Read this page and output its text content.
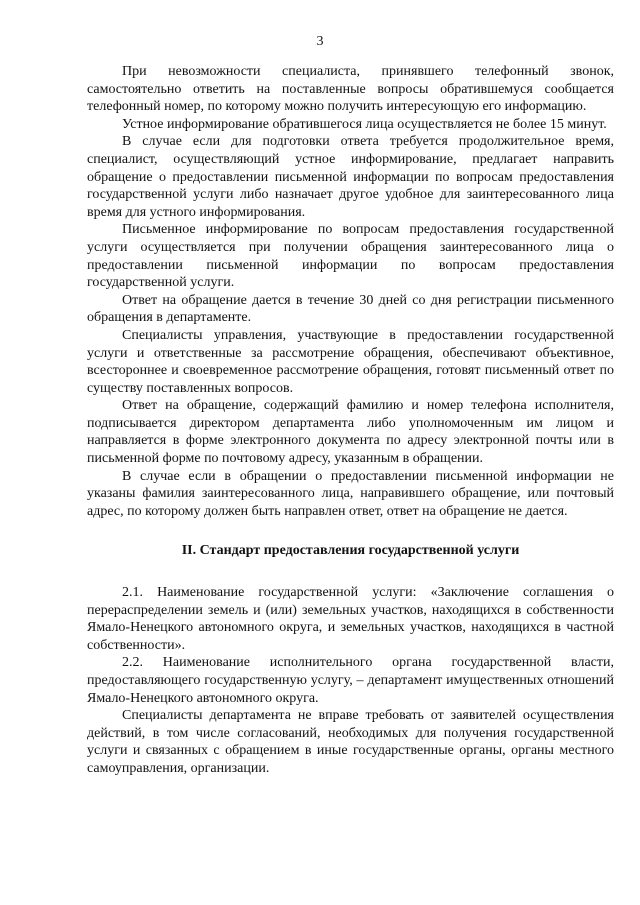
3

При невозможности специалиста, принявшего телефонный звонок, самостоятельно ответить на поставленные вопросы обратившемуся сообщается телефонный номер, по которому можно получить интересующую его информацию.

Устное информирование обратившегося лица осуществляется не более 15 минут.

В случае если для подготовки ответа требуется продолжительное время, специалист, осуществляющий устное информирование, предлагает направить обращение о предоставлении письменной информации по вопросам предоставления государственной услуги либо назначает другое удобное для заинтересованного лица время для устного информирования.

Письменное информирование по вопросам предоставления государственной услуги осуществляется при получении обращения заинтересованного лица о предоставлении письменной информации по вопросам предоставления государственной услуги.

Ответ на обращение дается в течение 30 дней со дня регистрации письменного обращения в департаменте.

Специалисты управления, участвующие в предоставлении государственной услуги и ответственные за рассмотрение обращения, обеспечивают объективное, всестороннее и своевременное рассмотрение обращения, готовят письменный ответ по существу поставленных вопросов.

Ответ на обращение, содержащий фамилию и номер телефона исполнителя, подписывается директором департамента либо уполномоченным им лицом и направляется в форме электронного документа по адресу электронной почты или в письменной форме по почтовому адресу, указанным в обращении.

В случае если в обращении о предоставлении письменной информации не указаны фамилия заинтересованного лица, направившего обращение, или почтовый адрес, по которому должен быть направлен ответ, ответ на обращение не дается.

II. Стандарт предоставления государственной услуги

2.1. Наименование государственной услуги: «Заключение соглашения о перераспределении земель и (или) земельных участков, находящихся в собственности Ямало-Ненецкого автономного округа, и земельных участков, находящихся в частной собственности».

2.2. Наименование исполнительного органа государственной власти, предоставляющего государственную услугу, – департамент имущественных отношений Ямало-Ненецкого автономного округа.

Специалисты департамента не вправе требовать от заявителей осуществления действий, в том числе согласований, необходимых для получения государственной услуги и связанных с обращением в иные государственные органы, органы местного самоуправления, организации.
